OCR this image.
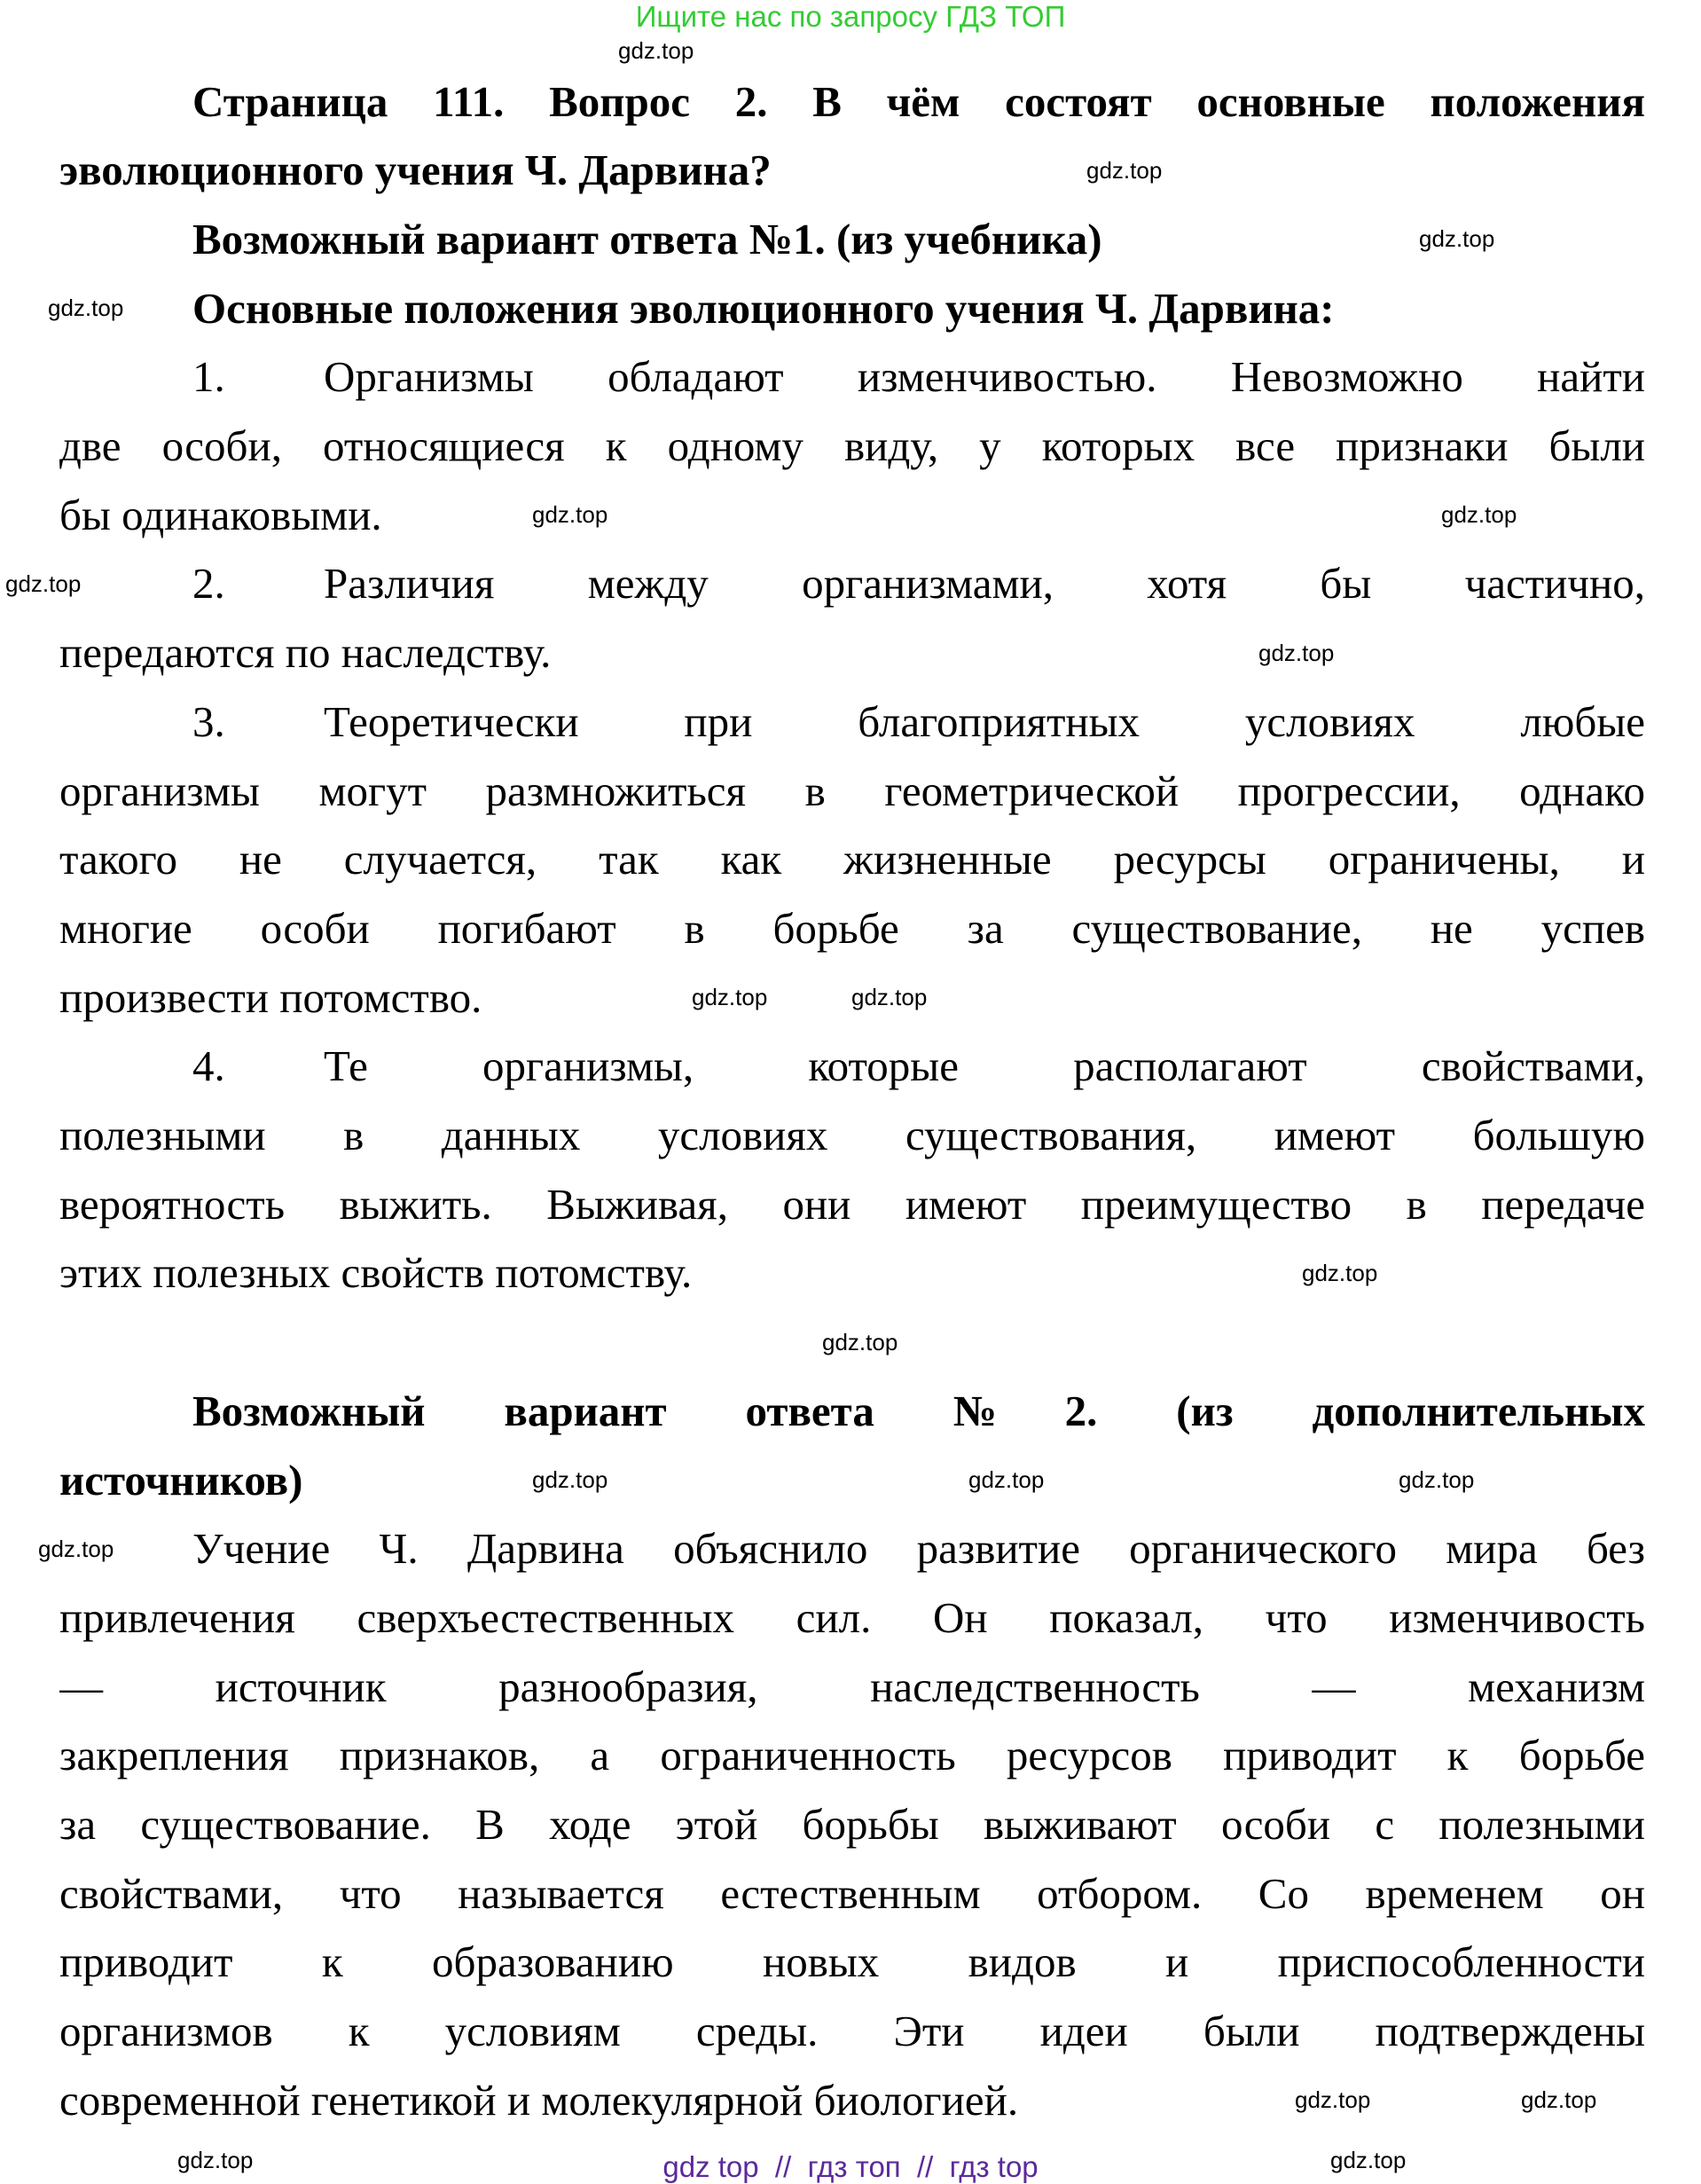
Ищите нас по запросу ГДЗ ТОП
Страница 111. Вопрос 2. В чём состоят основные положения
эволюционного учения Ч. Дарвина?
Возможный вариант ответа №1. (из учебника)
Основные положения эволюционного учения Ч. Дарвина:
1. Организмы обладают изменчивостью. Невозможно найти
две особи, относящиеся к одному виду, у которых все признаки были
бы одинаковыми.
2. Различия между организмами, хотя бы частично,
передаются по наследству.
3. Теоретически при благоприятных условиях любые
организмы могут размножиться в геометрической прогрессии, однако
такого не случается, так как жизненные ресурсы ограничены, и
многие особи погибают в борьбе за существование, не успев
произвести потомство.
4. Те организмы, которые располагают свойствами,
полезными в данных условиях существования, имеют большую
вероятность выжить. Выживая, они имеют преимущество в передаче
этих полезных свойств потомству.
Возможный вариант ответа №2. (из дополнительных
источников)
Учение Ч. Дарвина объяснило развитие органического мира без
привлечения сверхъестественных сил. Он показал, что изменчивость
— источник разнообразия, наследственность — механизм
закрепления признаков, а ограниченность ресурсов приводит к борьбе
за существование. В ходе этой борьбы выживают особи с полезными
свойствами, что называется естественным отбором. Со временем он
приводит к образованию новых видов и приспособленности
организмов к условиям среды. Эти идеи были подтверждены
современной генетикой и молекулярной биологией.
gdz.top
gdz.top
gdz.top
gdz.top
gdz.top	gdz.top
gdz.top
gdz.top
gdz.top	gdz.top
gdz.top
gdz.top
gdz.top
gdz.top
gdz.top
gdz.top
gdz.top
gdz.top
gdz.top
gdz.top
gdz top  //  гдз топ  //  гдз top
